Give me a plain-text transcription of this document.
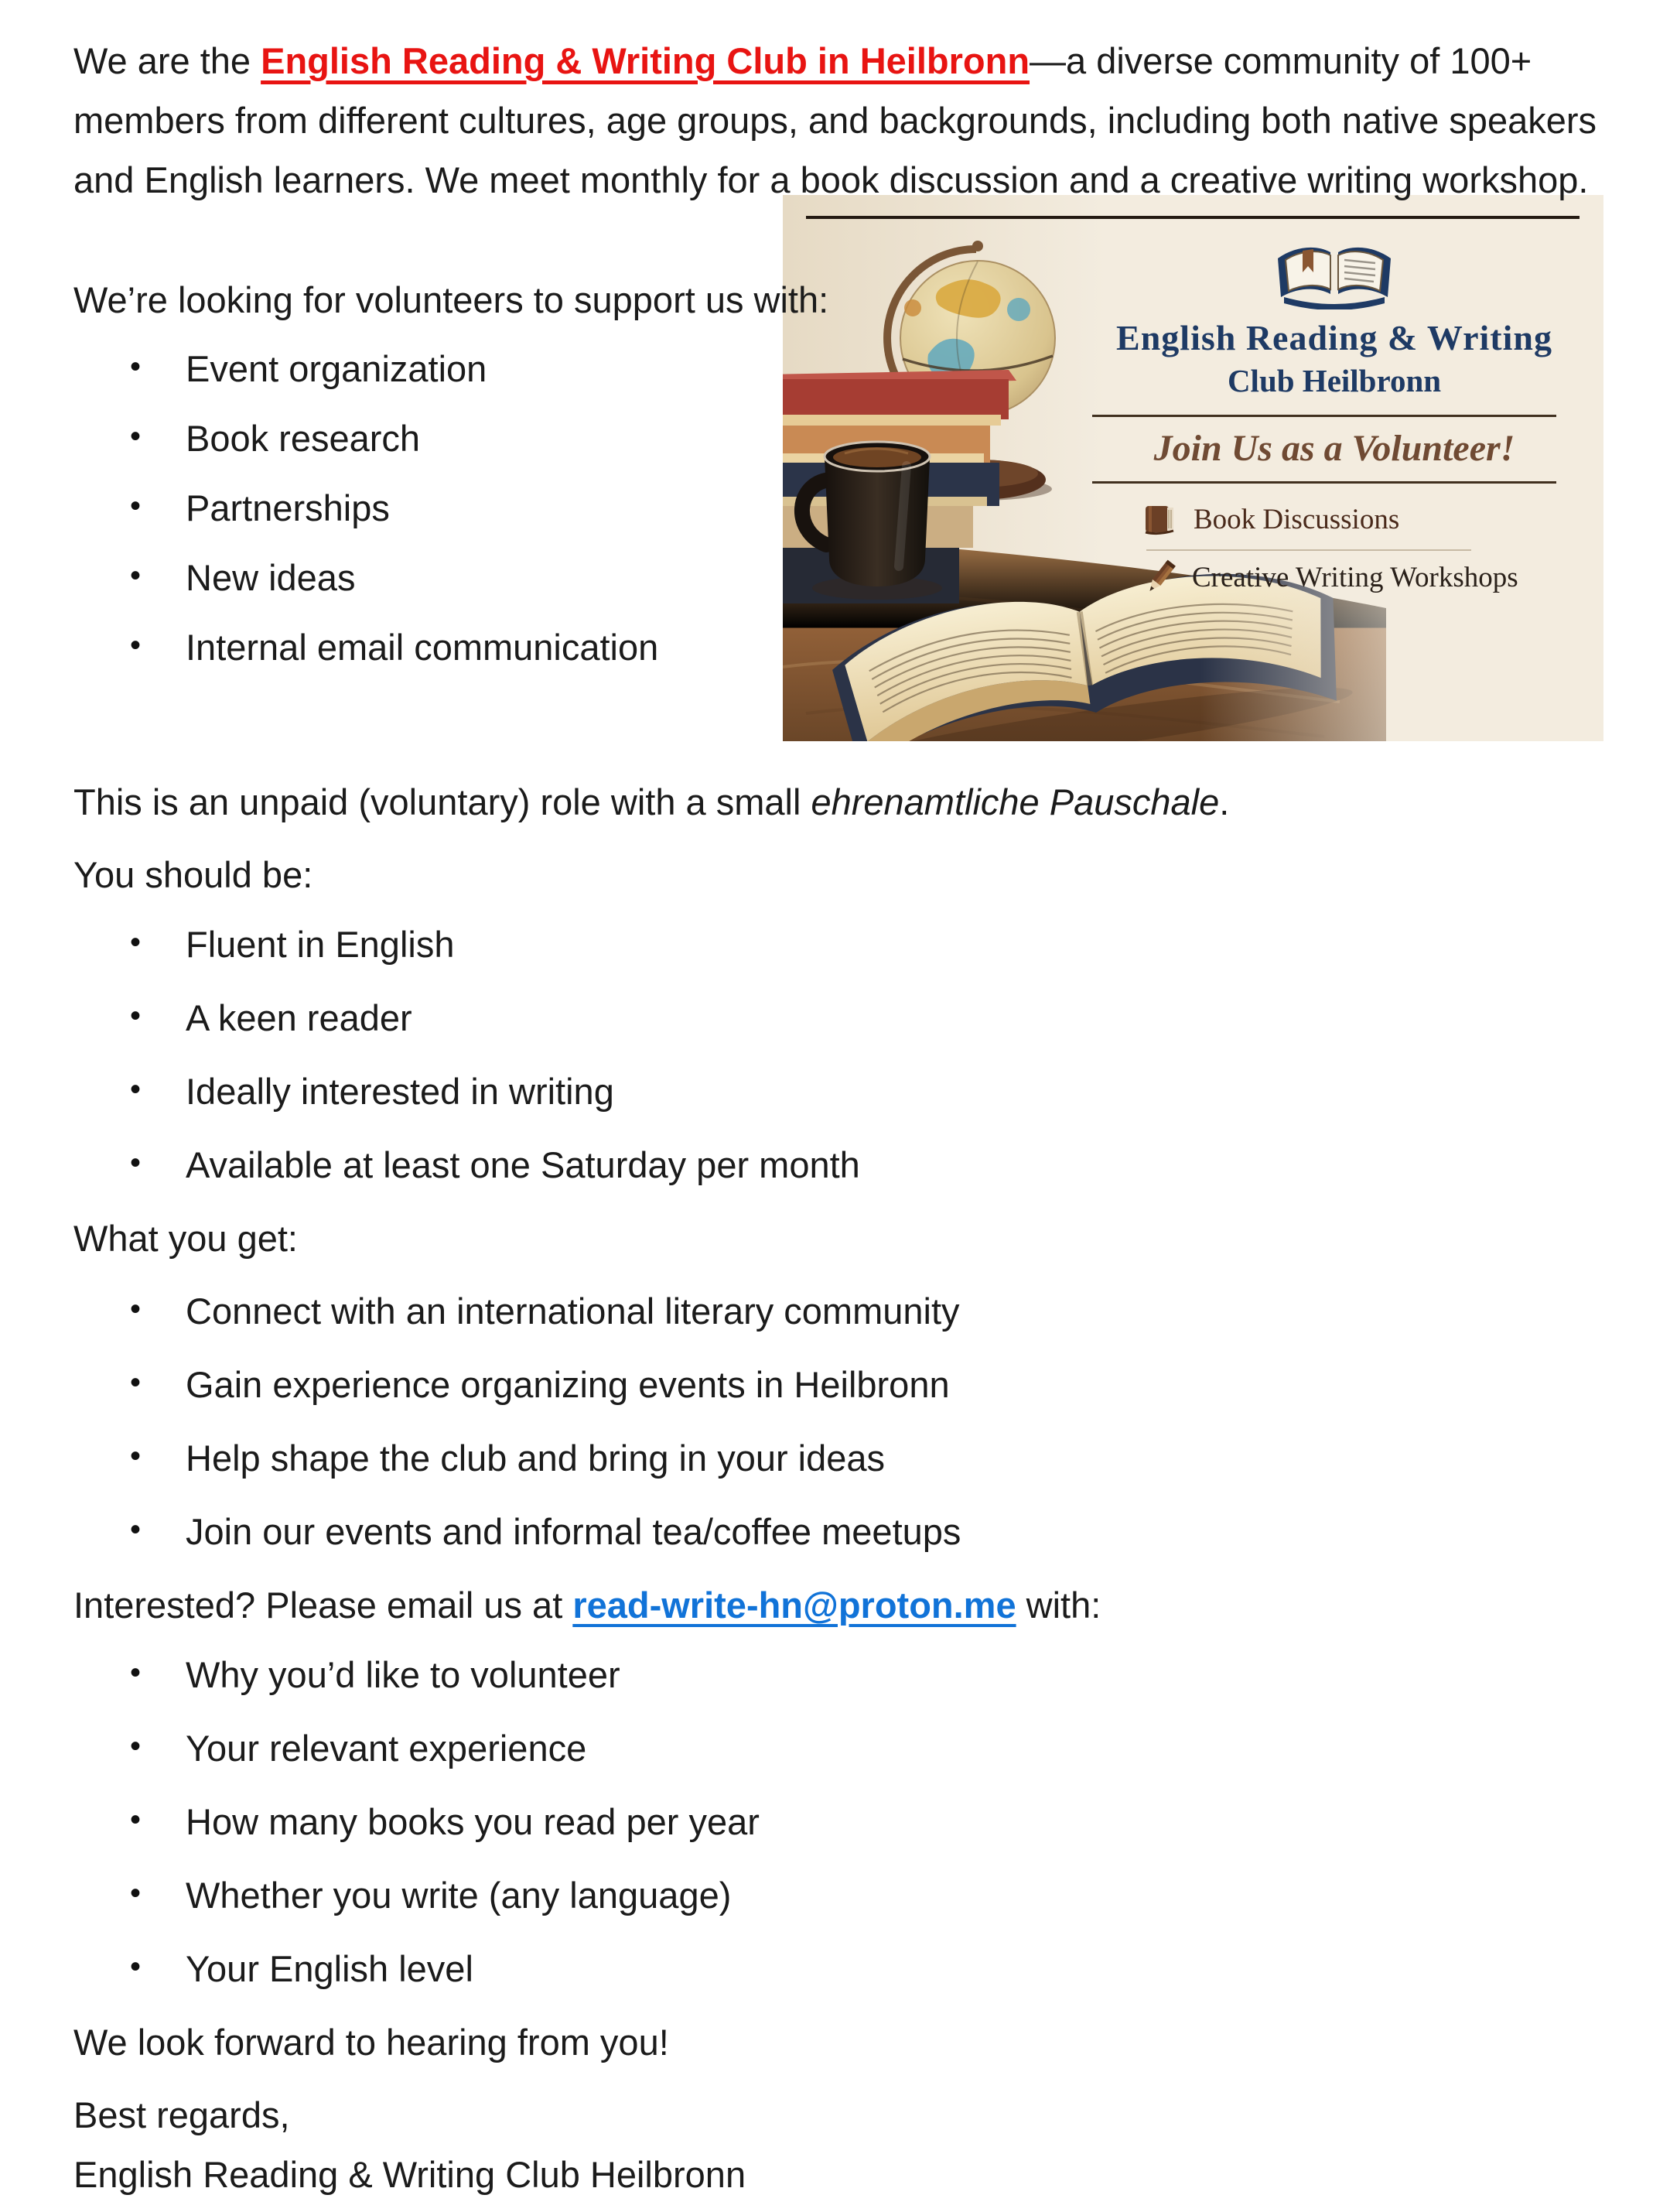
English Reading & Writing
Club Heilbronn
Join Us as a Volunteer!
Book Discussions
Creative Writing Workshops

We are the English Reading & Writing Club in Heilbronn—a diverse community of 100+ members from different cultures, age groups, and backgrounds, including both native speakers and English learners. We meet monthly for a book discussion and a creative writing workshop.

We’re looking for volunteers to support us with:

• Event organization
• Book research
• Partnerships
• New ideas
• Internal email communication

This is an unpaid (voluntary) role with a small ehrenamtliche Pauschale.

You should be:
• Fluent in English
• A keen reader
• Ideally interested in writing
• Available at least one Saturday per month
What you get:
• Connect with an international literary community
• Gain experience organizing events in Heilbronn
• Help shape the club and bring in your ideas
• Join our events and informal tea/coffee meetups

Interested? Please email us at read-write-hn@proton.me with:

• Why you’d like to volunteer
• Your relevant experience
• How many books you read per year
• Whether you write (any language)
• Your English level

We look forward to hearing from you!

Best regards,
English Reading & Writing Club Heilbronn
